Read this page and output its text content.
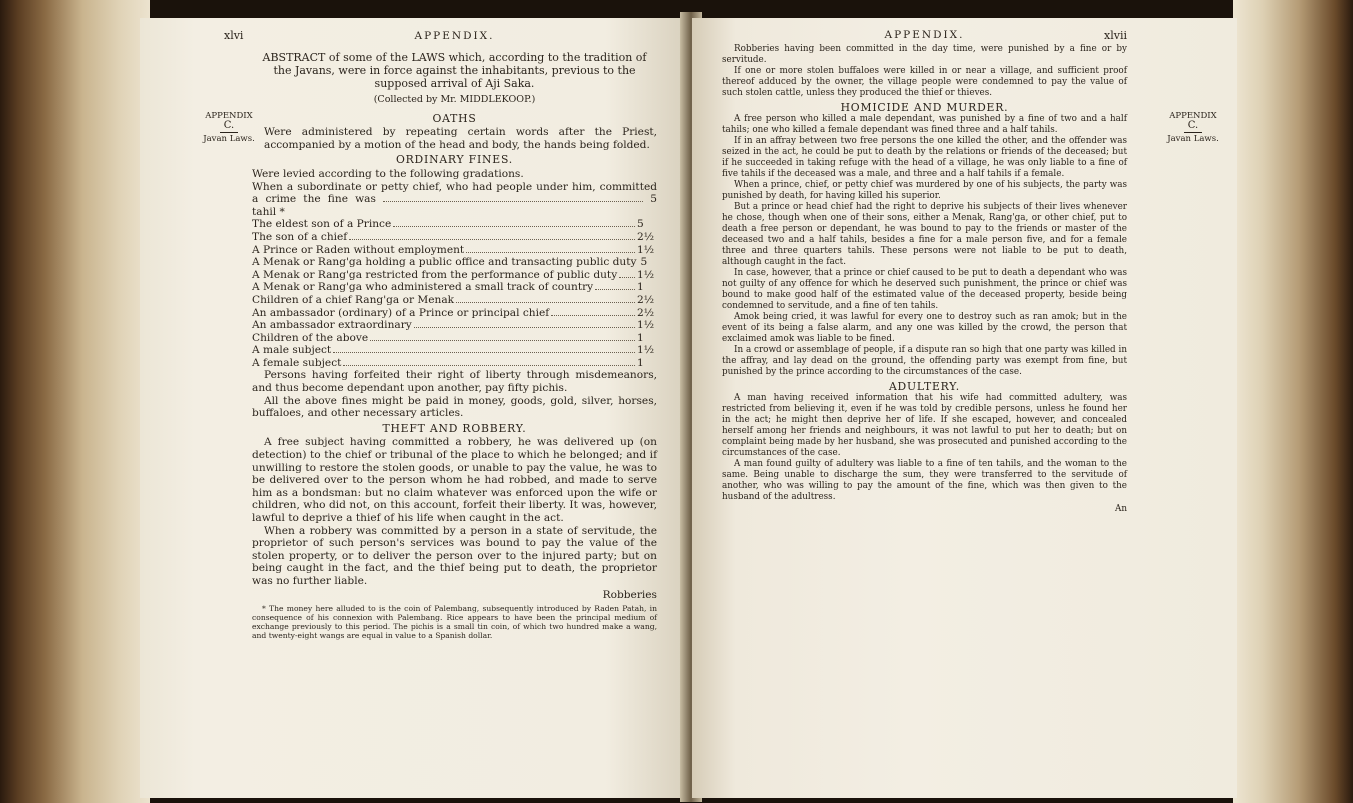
APPENDIX
C.
Javan Laws.
xlvi	APPENDIX.
ABSTRACT of some of the LAWS which, according to the tradition of the Javans, were in force against the inhabitants, previous to the supposed arrival of Aji Saka.
(Collected by Mr. MIDDLEKOOP.)
OATHS

Were administered by repeating certain words after the Priest, accompanied by a motion of the head and body, the hands being folded.

ORDINARY FINES.

Were levied according to the following gradations.

When a subordinate or petty chief, who had people under him, committed a crime the fine was	5 tahil *
The eldest son of a Prince	5
The son of a chief	2½
A Prince or Raden without employment	1½
A Menak or Rang'ga holding a public office and transacting public duty 5
A Menak or Rang'ga restricted from the performance of public duty 1½
A Menak or Rang'ga who administered a small track of country	1
Children of a chief Rang'ga or Menak	2½
An ambassador (ordinary) of a Prince or principal chief	2½
An ambassador extraordinary	1½
Children of the above	1
A male subject	1½
A female subject	1

Persons having forfeited their right of liberty through misdemeanors, and thus become dependant upon another, pay fifty pichis.

All the above fines might be paid in money, goods, gold, silver, horses, buffaloes, and other necessary articles.

THEFT AND ROBBERY.

A free subject having committed a robbery, he was delivered up (on detection) to the chief or tribunal of the place to which he belonged; and if unwilling to restore the stolen goods, or unable to pay the value, he was to be delivered over to the person whom he had robbed, and made to serve him as a bondsman: but no claim whatever was enforced upon the wife or children, who did not, on this account, forfeit their liberty. It was, however, lawful to deprive a thief of his life when caught in the act.

When a robbery was committed by a person in a state of servitude, the proprietor of such person's services was bound to pay the value of the stolen property, or to deliver the person over to the injured party; but on being caught in the fact, and the thief being put to death, the proprietor was no further liable.

Robberies
* The money here alluded to is the coin of Palembang, subsequently introduced by Raden Patah, in consequence of his connexion with Palembang. Rice appears to have been the principal medium of exchange previously to this period. The pichis is a small tin coin, of which two hundred make a wang, and twenty-eight wangs are equal in value to a Spanish dollar.
APPENDIX
C.
Javan Laws.
APPENDIX.	xlvii

Robberies having been committed in the day time, were punished by a fine or by servitude.

If one or more stolen buffaloes were killed in or near a village, and sufficient proof thereof adduced by the owner, the village people were condemned to pay the value of such stolen cattle, unless they produced the thief or thieves.

HOMICIDE AND MURDER.

A free person who killed a male dependant, was punished by a fine of two and a half tahils; one who killed a female dependant was fined three and a half tahils.

If in an affray between two free persons the one killed the other, and the offender was seized in the act, he could be put to death by the relations or friends of the deceased; but if he succeeded in taking refuge with the head of a village, he was only liable to a fine of five tahils if the deceased was a male, and three and a half tahils if a female.

When a prince, chief, or petty chief was murdered by one of his subjects, the party was punished by death, for having killed his superior.

But a prince or head chief had the right to deprive his subjects of their lives whenever he chose, though when one of their sons, either a Menak, Rang'ga, or other chief, put to death a free person or dependant, he was bound to pay to the friends or master of the deceased two and a half tahils, besides a fine for a male person five, and for a female three and three quarters tahils. These persons were not liable to be put to death, although caught in the fact.

In case, however, that a prince or chief caused to be put to death a dependant who was not guilty of any offence for which he deserved such punishment, the prince or chief was bound to make good half of the estimated value of the deceased property, beside being condemned to servitude, and a fine of ten tahils.

Amok being cried, it was lawful for every one to destroy such as ran amok; but in the event of its being a false alarm, and any one was killed by the crowd, the person that exclaimed amok was liable to be fined.

In a crowd or assemblage of people, if a dispute ran so high that one party was killed in the affray, and lay dead on the ground, the offending party was exempt from fine, but punished by the prince according to the circumstances of the case.

ADULTERY.

A man having received information that his wife had committed adultery, was restricted from believing it, even if he was told by credible persons, unless he found her in the act; he might then deprive her of life. If she escaped, however, and concealed herself among her friends and neighbours, it was not lawful to put her to death; but on complaint being made by her husband, she was prosecuted and punished according to the circumstances of the case.

A man found guilty of adultery was liable to a fine of ten tahils, and the woman to the same. Being unable to discharge the sum, they were transferred to the servitude of another, who was willing to pay the amount of the fine, which was then given to the husband of the adultress.

An
